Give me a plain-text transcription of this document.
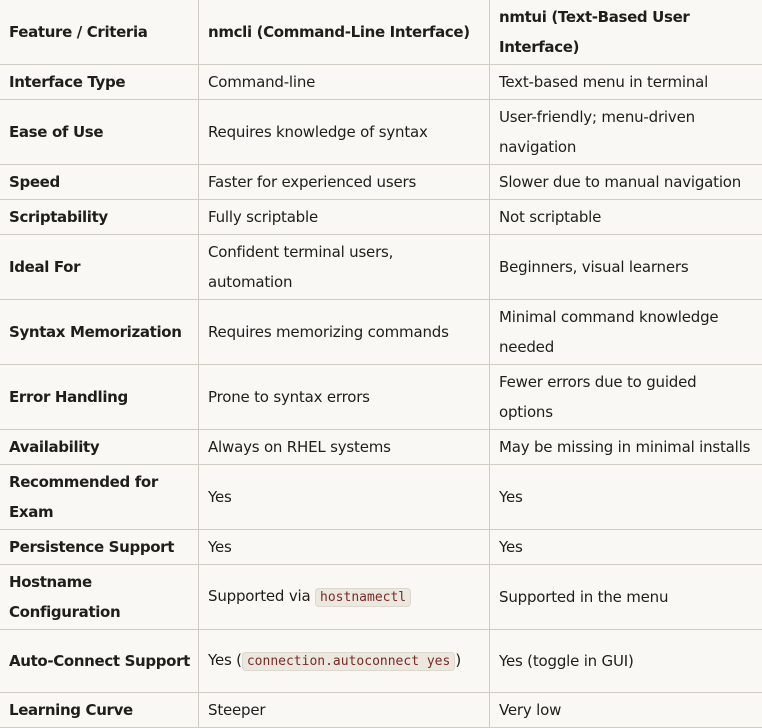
Feature / Criteria	nmcli (Command-Line Interface)	nmtui (Text-Based User Interface)
Interface Type	Command-line	Text-based menu in terminal
Ease of Use	Requires knowledge of syntax	User-friendly; menu-driven navigation
Speed	Faster for experienced users	Slower due to manual navigation
Scriptability	Fully scriptable	Not scriptable
Ideal For	Confident terminal users, automation	Beginners, visual learners
Syntax Memorization	Requires memorizing commands	Minimal command knowledge needed
Error Handling	Prone to syntax errors	Fewer errors due to guided options
Availability	Always on RHEL systems	May be missing in minimal installs
Recommended for Exam	Yes	Yes
Persistence Support	Yes	Yes
Hostname Configuration	Supported via hostnamectl	Supported in the menu
Auto-Connect Support	Yes ( connection.autoconnect yes )	Yes (toggle in GUI)
Learning Curve	Steeper	Very low
